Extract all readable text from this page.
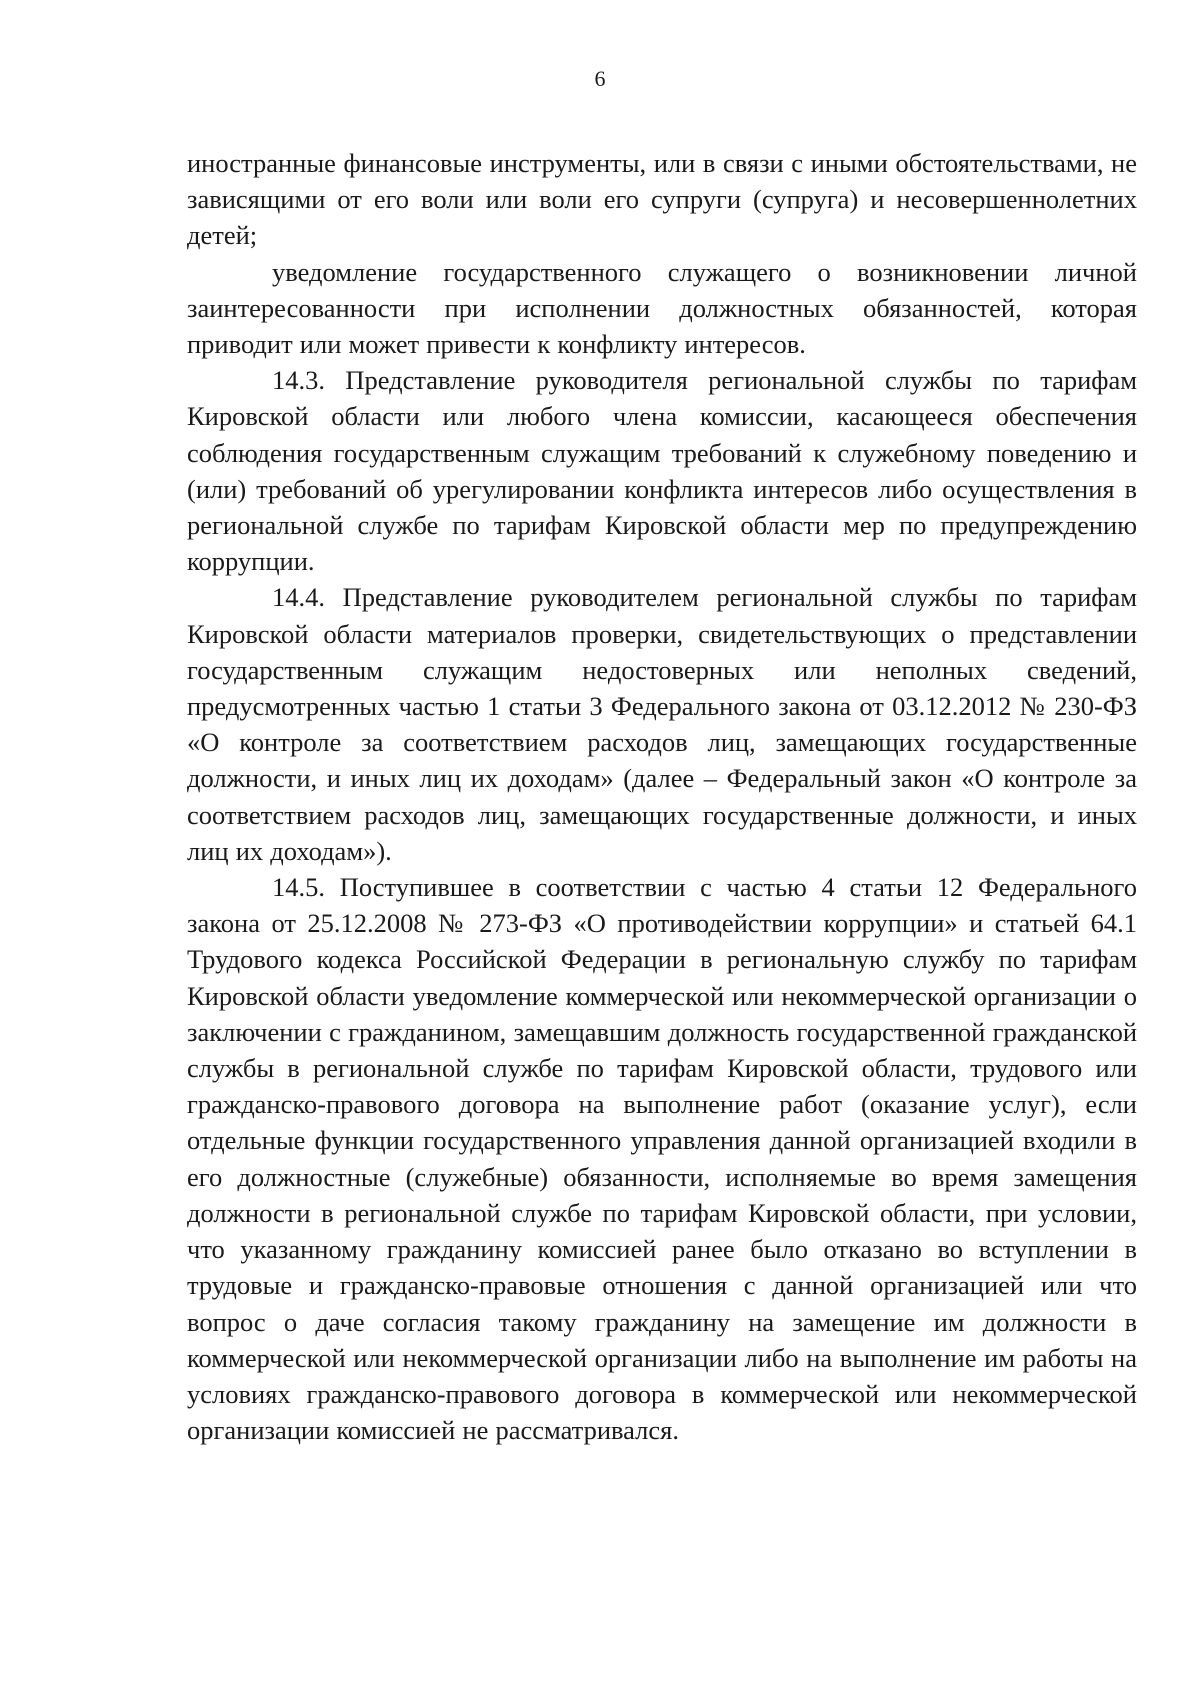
6

иностранные финансовые инструменты, или в связи с иными обстоятельствами, не зависящими от его воли или воли его супруги (супруга) и несовершеннолетних детей;

уведомление государственного служащего о возникновении личной заинтересованности при исполнении должностных обязанностей, которая приводит или может привести к конфликту интересов.

14.3. Представление руководителя региональной службы по тарифам Кировской области или любого члена комиссии, касающееся обеспечения соблюдения государственным служащим требований к служебному поведению и (или) требований об урегулировании конфликта интересов либо осуществления в региональной службе по тарифам Кировской области мер по предупреждению коррупции.

14.4. Представление руководителем региональной службы по тарифам Кировской области материалов проверки, свидетельствующих о представлении государственным служащим недостоверных или неполных сведений, предусмотренных частью 1 статьи 3 Федерального закона от 03.12.2012 № 230-ФЗ «О контроле за соответствием расходов лиц, замещающих государственные должности, и иных лиц их доходам» (далее – Федеральный закон «О контроле за соответствием расходов лиц, замещающих государственные должности, и иных лиц их доходам»).

14.5. Поступившее в соответствии с частью 4 статьи 12 Федерального закона от 25.12.2008 № 273-ФЗ «О противодействии коррупции» и статьей 64.1 Трудового кодекса Российской Федерации в региональную службу по тарифам Кировской области уведомление коммерческой или некоммерческой организации о заключении с гражданином, замещавшим должность государственной гражданской службы в региональной службе по тарифам Кировской области, трудового или гражданско-правового договора на выполнение работ (оказание услуг), если отдельные функции государственного управления данной организацией входили в его должностные (служебные) обязанности, исполняемые во время замещения должности в региональной службе по тарифам Кировской области, при условии, что указанному гражданину комиссией ранее было отказано во вступлении в трудовые и гражданско-правовые отношения с данной организацией или что вопрос о даче согласия такому гражданину на замещение им должности в коммерческой или некоммерческой организации либо на выполнение им работы на условиях гражданско-правового договора в коммерческой или некоммерческой организации комиссией не рассматривался.
